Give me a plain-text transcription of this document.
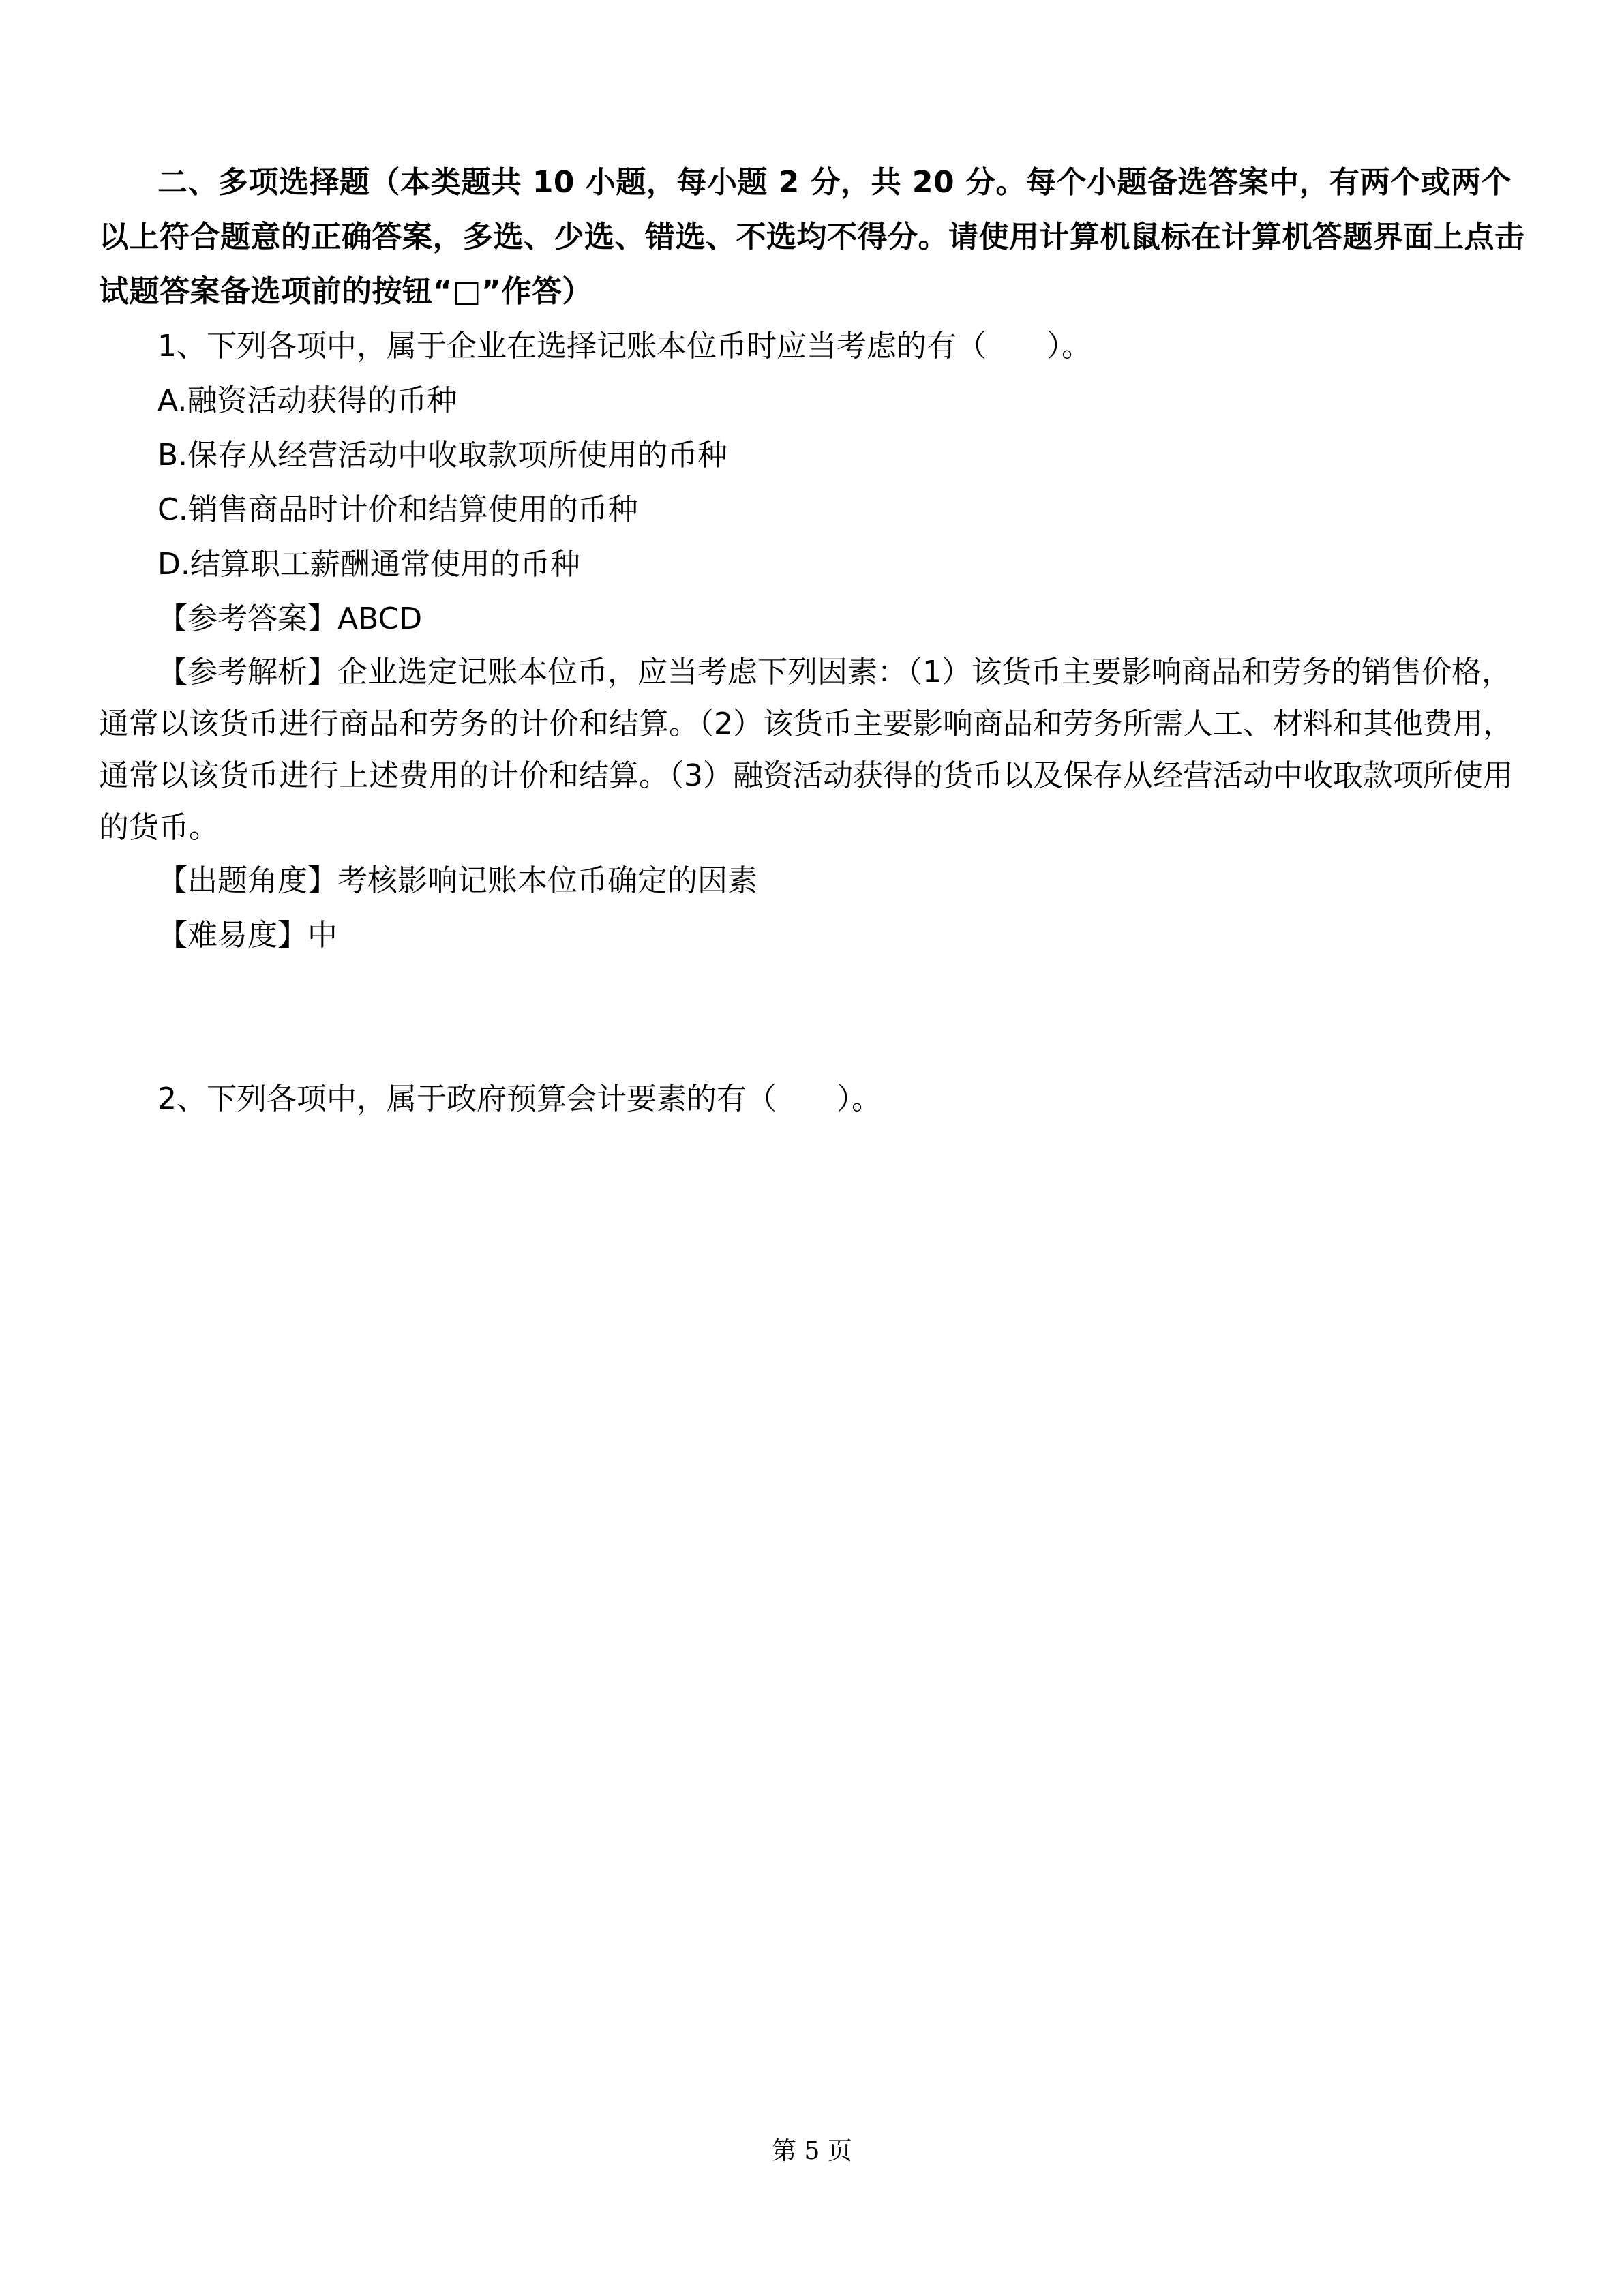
二、多项选择题（本类题共 10 小题，每小题 2 分，共 20 分。每个小题备选答案中，有两个或两个以上符合题意的正确答案，多选、少选、错选、不选均不得分。请使用计算机鼠标在计算机答题界面上点击试题答案备选项前的按钮“□”作答）

1、下列各项中，属于企业在选择记账本位币时应当考虑的有（　　）。

A.融资活动获得的币种

B.保存从经营活动中收取款项所使用的币种

C.销售商品时计价和结算使用的币种

D.结算职工薪酬通常使用的币种

【参考答案】ABCD

【参考解析】企业选定记账本位币，应当考虑下列因素：（1）该货币主要影响商品和劳务的销售价格，通常以该货币进行商品和劳务的计价和结算。（2）该货币主要影响商品和劳务所需人工、材料和其他费用，通常以该货币进行上述费用的计价和结算。（3）融资活动获得的货币以及保存从经营活动中收取款项所使用的货币。

【出题角度】考核影响记账本位币确定的因素

【难易度】中

2、下列各项中，属于政府预算会计要素的有（　　）。

第 5 页
